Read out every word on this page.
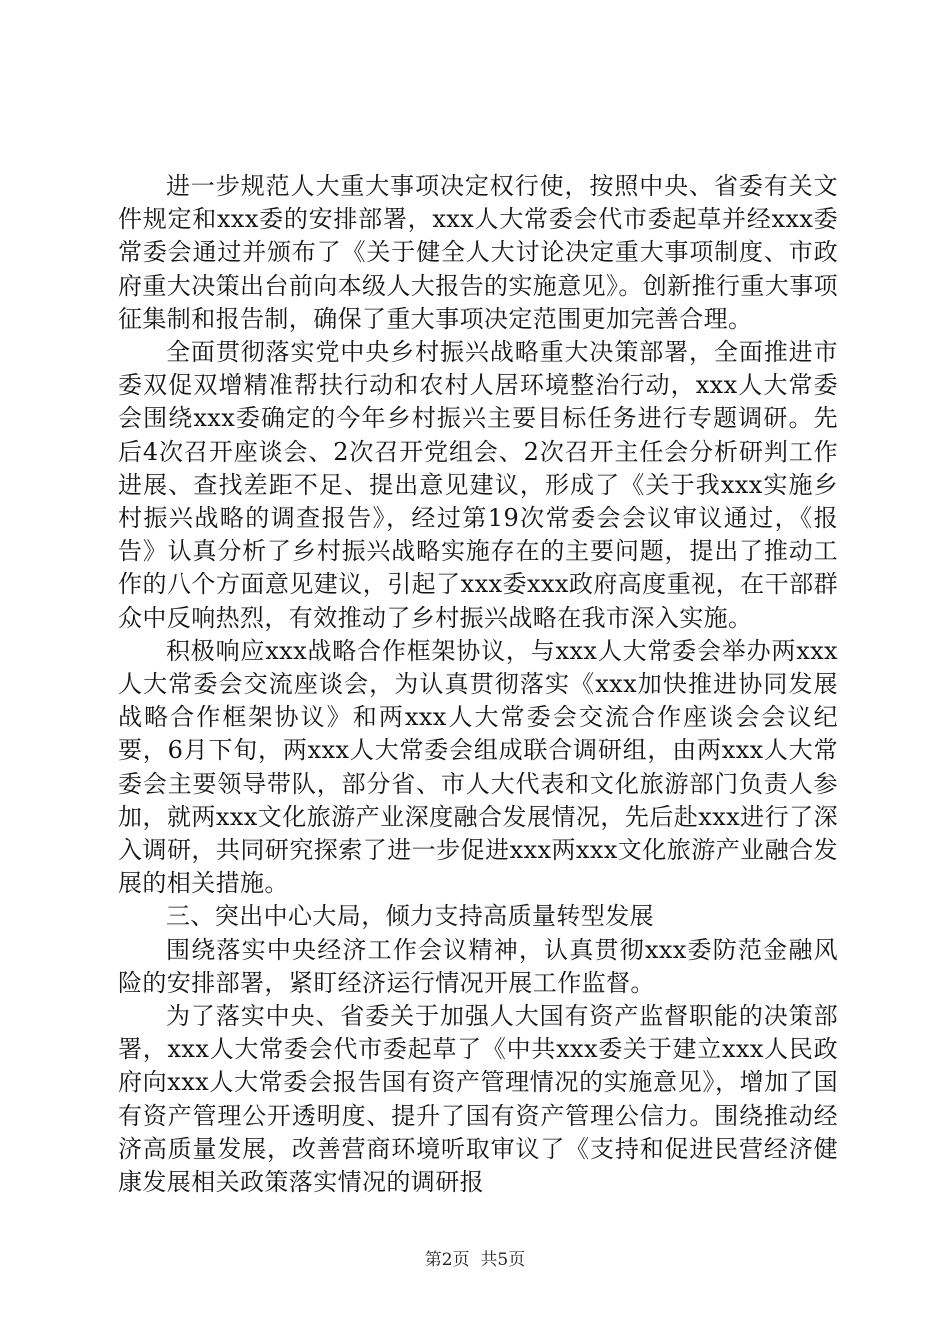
进一步规范人大重大事项决定权行使，按照中央、省委有关文件规定和xxx委的安排部署，xxx人大常委会代市委起草并经xxx委常委会通过并颁布了《关于健全人大讨论决定重大事项制度、市政府重大决策出台前向本级人大报告的实施意见》。创新推行重大事项征集制和报告制，确保了重大事项决定范围更加完善合理。

全面贯彻落实党中央乡村振兴战略重大决策部署，全面推进市委双促双增精准帮扶行动和农村人居环境整治行动，xxx人大常委会围绕xxx委确定的今年乡村振兴主要目标任务进行专题调研。先后4次召开座谈会、2次召开党组会、2次召开主任会分析研判工作进展、查找差距不足、提出意见建议，形成了《关于我xxx实施乡村振兴战略的调查报告》，经过第19次常委会会议审议通过，《报告》认真分析了乡村振兴战略实施存在的主要问题，提出了推动工作的八个方面意见建议，引起了xxx委xxx政府高度重视，在干部群众中反响热烈，有效推动了乡村振兴战略在我市深入实施。

积极响应xxx战略合作框架协议，与xxx人大常委会举办两xxx人大常委会交流座谈会，为认真贯彻落实《xxx加快推进协同发展战略合作框架协议》和两xxx人大常委会交流合作座谈会会议纪要，6月下旬，两xxx人大常委会组成联合调研组，由两xxx人大常委会主要领导带队，部分省、市人大代表和文化旅游部门负责人参加，就两xxx文化旅游产业深度融合发展情况，先后赴xxx进行了深入调研，共同研究探索了进一步促进xxx两xxx文化旅游产业融合发展的相关措施。

三、突出中心大局，倾力支持高质量转型发展

围绕落实中央经济工作会议精神，认真贯彻xxx委防范金融风险的安排部署，紧盯经济运行情况开展工作监督。

为了落实中央、省委关于加强人大国有资产监督职能的决策部署，xxx人大常委会代市委起草了《中共xxx委关于建立xxx人民政府向xxx人大常委会报告国有资产管理情况的实施意见》，增加了国有资产管理公开透明度、提升了国有资产管理公信力。围绕推动经济高质量发展，改善营商环境听取审议了《支持和促进民营经济健康发展相关政策落实情况的调研报

第2页 共5页
